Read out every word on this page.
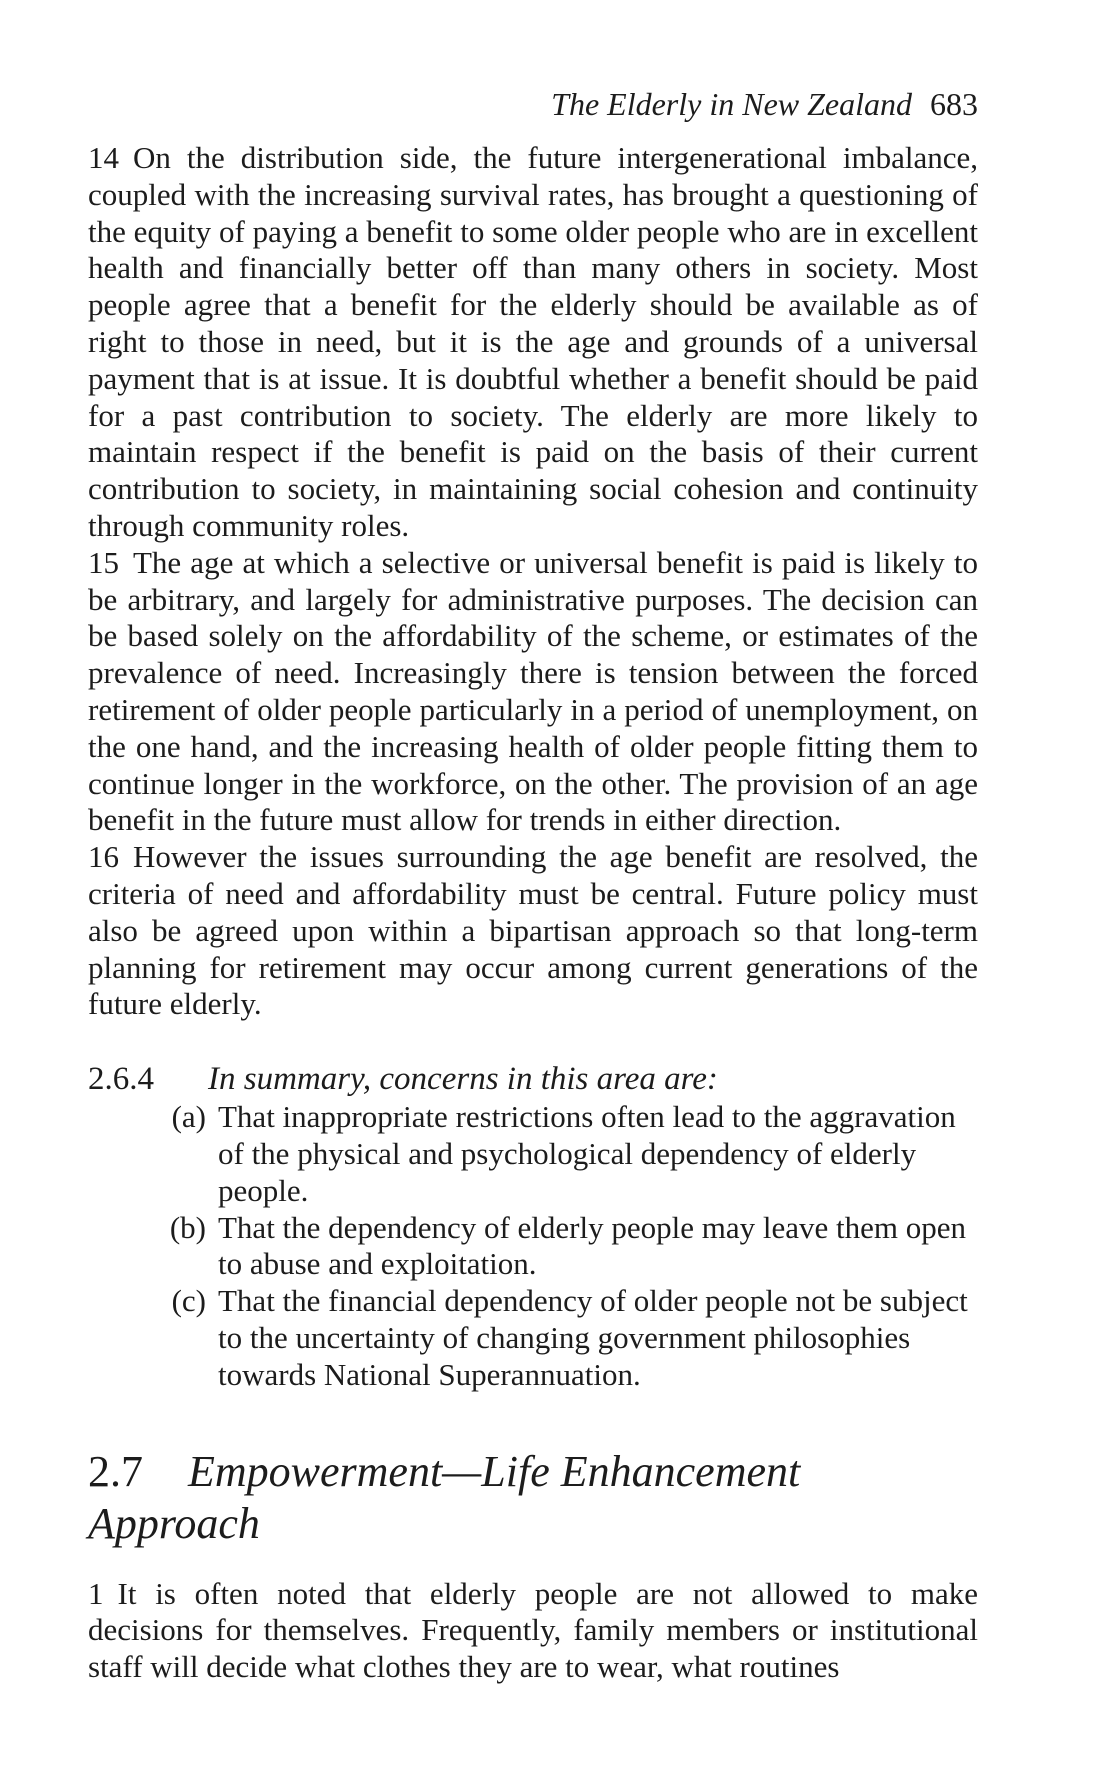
The Elderly in New Zealand 683

14 On the distribution side, the future intergenerational imbalance, coupled with the increasing survival rates, has brought a questioning of the equity of paying a benefit to some older people who are in excellent health and financially better off than many others in society. Most people agree that a benefit for the elderly should be available as of right to those in need, but it is the age and grounds of a universal payment that is at issue. It is doubtful whether a benefit should be paid for a past contribution to society. The elderly are more likely to maintain respect if the benefit is paid on the basis of their current contribution to society, in maintaining social cohesion and continuity through community roles.

15 The age at which a selective or universal benefit is paid is likely to be arbitrary, and largely for administrative purposes. The decision can be based solely on the affordability of the scheme, or estimates of the prevalence of need. Increasingly there is tension between the forced retirement of older people particularly in a period of unemployment, on the one hand, and the increasing health of older people fitting them to continue longer in the workforce, on the other. The provision of an age benefit in the future must allow for trends in either direction.

16 However the issues surrounding the age benefit are resolved, the criteria of need and affordability must be central. Future policy must also be agreed upon within a bipartisan approach so that long-term planning for retirement may occur among current generations of the future elderly.

2.6.4 In summary, concerns in this area are:

(a) That inappropriate restrictions often lead to the aggravation of the physical and psychological dependency of elderly people.
(b) That the dependency of elderly people may leave them open to abuse and exploitation.
(c) That the financial dependency of older people not be subject to the uncertainty of changing government philosophies towards National Superannuation.
2.7 Empowerment—Life Enhancement Approach

1 It is often noted that elderly people are not allowed to make decisions for themselves. Frequently, family members or institutional staff will decide what clothes they are to wear, what routines
